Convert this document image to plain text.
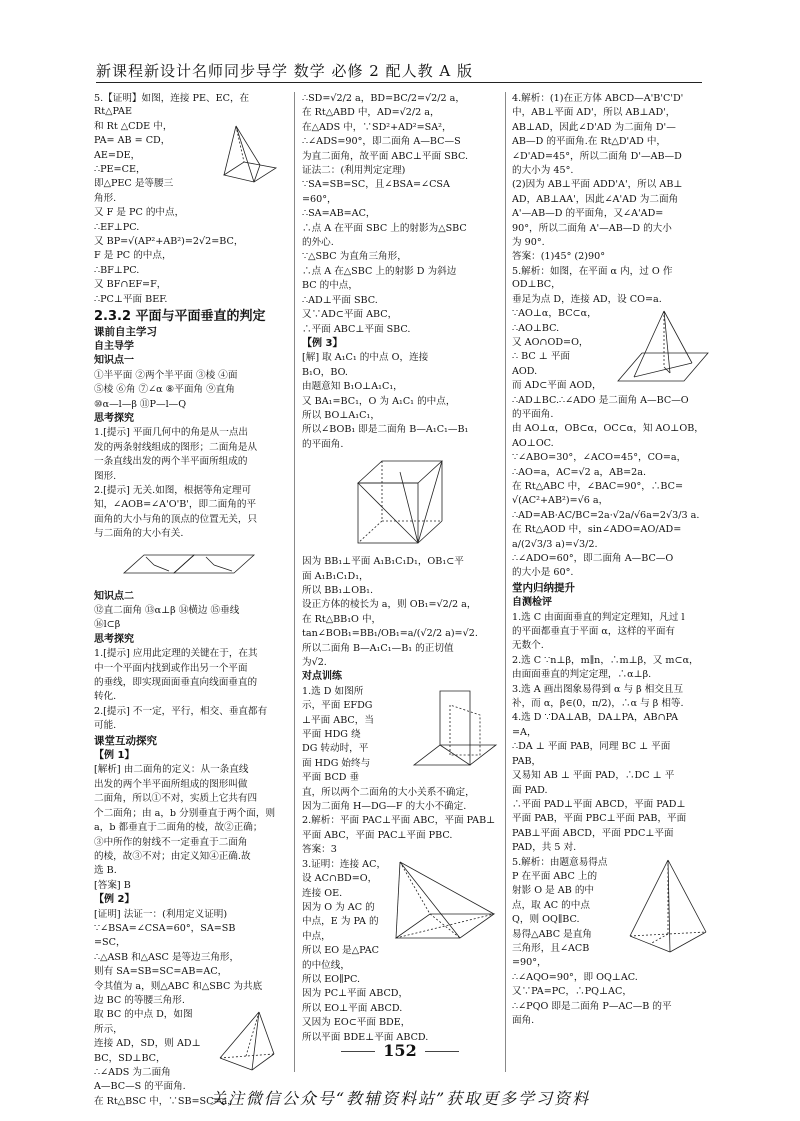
新课程新设计名师同步导学 数学 必修 2 配人教 A 版

5.【证明】如图，连接 PE、EC，在Rt△PAE

和 Rt △CDE 中，

PA= AB = CD，

AE=DE，

∴PE=CE，

即△PEC 是等腰三

角形.

又 F 是 PC 的中点，

∴EF⊥PC.

又 BP=√(AP²+AB²)=2√2=BC，

F 是 PC 的中点，

∴BF⊥PC.

又 BF∩EF=F，

∴PC⊥平面 BEF.

2.3.2 平面与平面垂直的判定
课前自主学习
自主导学
知识点一

①半平面 ②两个半平面 ③棱 ④面

⑤棱 ⑥角 ⑦∠α ⑧平面角 ⑨直角

⑩α—l—β ⑪P—l—Q

思考探究

1.[提示] 平面几何中的角是从一点出

发的两条射线组成的图形；二面角是从

一条直线出发的两个半平面所组成的

图形.

2.[提示] 无关.如图，根据等角定理可

知，∠AOB=∠A'O'B'，即二面角的平

面角的大小与角的顶点的位置无关，只

与二面角的大小有关.

知识点二

⑫直二面角 ⑬α⊥β ⑭横边 ⑮垂线

⑯l⊂β

思考探究

1.[提示] 应用此定理的关键在于，在其

中一个平面内找到或作出另一个平面

的垂线，即实现面面垂直向线面垂直的

转化.

2.[提示] 不一定，平行，相交、垂直都有

可能.

课堂互动探究
【例 1】

[解析] 由二面角的定义：从一条直线

出发的两个半平面所组成的图形叫做

二面角，所以①不对，实质上它共有四

个二面角；由 a，b 分别垂直于两个面，则

a，b 都垂直于二面角的棱，故②正确；

③中所作的射线不一定垂直于二面角

的棱，故③不对；由定义知④正确.故

选 B.

[答案] B

【例 2】

[证明] 法证一：(利用定义证明)

∵∠BSA=∠CSA=60°，SA=SB

=SC，

∴△ASB 和△ASC 是等边三角形，

则有 SA=SB=SC=AB=AC，

令其值为 a，则△ABC 和△SBC 为共底

边 BC 的等腰三角形.

取 BC 的中点 D，如图

所示，

连接 AD，SD，则 AD⊥

BC，SD⊥BC，

∴∠ADS 为二面角

A—BC—S 的平面角.

在 Rt△BSC 中，∵SB=SC=a，

∴SD=√2/2 a，BD=BC/2=√2/2 a，

在 Rt△ABD 中，AD=√2/2 a，

在△ADS 中，∵SD²+AD²=SA²，

∴∠ADS=90°，即二面角 A—BC—S

为直二面角，故平面 ABC⊥平面 SBC.

证法二：(利用判定定理)

∵SA=SB=SC，且∠BSA=∠CSA

=60°，

∴SA=AB=AC，

∴点 A 在平面 SBC 上的射影为△SBC

的外心.

∵△SBC 为直角三角形，

∴点 A 在△SBC 上的射影 D 为斜边

BC 的中点，

∴AD⊥平面 SBC.

又∵AD⊂平面 ABC，

∴平面 ABC⊥平面 SBC.

【例 3】

[解] 取 A₁C₁ 的中点 O，连接

B₁O，BO.

由题意知 B₁O⊥A₁C₁，

又 BA₁=BC₁，O 为 A₁C₁ 的中点，

所以 BO⊥A₁C₁，

所以∠BOB₁ 即是二面角 B—A₁C₁—B₁

的平面角.

因为 BB₁⊥平面 A₁B₁C₁D₁，OB₁⊂平

面 A₁B₁C₁D₁，

所以 BB₁⊥OB₁.

设正方体的棱长为 a，则 OB₁=√2/2 a，

在 Rt△BB₁O 中，

tan∠BOB₁=BB₁/OB₁=a/(√2/2 a)=√2.

所以二面角 B—A₁C₁—B₁ 的正切值

为√2.

对点训练

1.选 D 如图所

示，平面 EFDG

⊥平面 ABC，当

平面 HDG 绕

DG 转动时，平

面 HDG 始终与

平面 BCD 垂

直，所以两个二面角的大小关系不确定，

因为二面角 H—DG—F 的大小不确定.

2.解析：平面 PAC⊥平面 ABC，平面 PAB⊥

平面 ABC，平面 PAC⊥平面 PBC.

答案：3

3.证明：连接 AC，

设 AC∩BD=O，

连接 OE.

因为 O 为 AC 的

中点，E 为 PA 的

中点，

所以 EO 是△PAC

的中位线，

所以 EO∥PC.

因为 PC⊥平面 ABCD，

所以 EO⊥平面 ABCD.

又因为 EO⊂平面 BDE，

所以平面 BDE⊥平面 ABCD.

4.解析：(1)在正方体 ABCD—A'B'C'D'

中，AB⊥平面 AD'，所以 AB⊥AD'，

AB⊥AD，因此∠D'AD 为二面角 D'—

AB—D 的平面角.在 Rt△D'AD 中，

∠D'AD=45°，所以二面角 D'—AB—D

的大小为 45°.

(2)因为 AB⊥平面 ADD'A'，所以 AB⊥

AD，AB⊥AA'，因此∠A'AD 为二面角

A'—AB—D 的平面角，又∠A'AD=

90°，所以二面角 A'—AB—D 的大小

为 90°.

答案：(1)45° (2)90°

5.解析：如图，在平面 α 内，过 O 作 OD⊥BC，

垂足为点 D，连接 AD，设 CO=a.

∵AO⊥α，BC⊂α，

∴AO⊥BC.

又 AO∩OD=O，

∴ BC ⊥ 平面

AOD.

而 AD⊂平面 AOD，

∴AD⊥BC.∴∠ADO 是二面角 A—BC—O

的平面角.

由 AO⊥α，OB⊂α，OC⊂α，知 AO⊥OB，

AO⊥OC.

∵∠ABO=30°，∠ACO=45°，CO=a，

∴AO=a，AC=√2 a，AB=2a.

在 Rt△ABC 中，∠BAC=90°，∴BC=

√(AC²+AB²)=√6 a，

∴AD=AB·AC/BC=2a·√2a/√6a=2√3/3 a.

在 Rt△AOD 中，sin∠ADO=AO/AD=

a/(2√3/3 a)=√3/2.

∴∠ADO=60°，即二面角 A—BC—O

的大小是 60°.

堂内归纳提升
自测检评

1.选 C 由面面垂直的判定定理知，凡过 l

的平面都垂直于平面 α，这样的平面有

无数个.

2.选 C ∵n⊥β，m∥n，∴m⊥β，又 m⊂α，

由面面垂直的判定定理，∴α⊥β.

3.选 A 画出图象易得到 α 与 β 相交且互

补，而 α，β∈(0，π/2)，∴α 与 β 相等.

4.选 D ∵DA⊥AB，DA⊥PA，AB∩PA

=A，

∴DA ⊥ 平面 PAB，同理 BC ⊥ 平面

PAB，

又易知 AB ⊥ 平面 PAD，∴DC ⊥ 平

面 PAD.

∴平面 PAD⊥平面 ABCD，平面 PAD⊥

平面 PAB，平面 PBC⊥平面 PAB，平面

PAB⊥平面 ABCD，平面 PDC⊥平面

PAD，共 5 对.

5.解析：由题意易得点

P 在平面 ABC 上的

射影 O 是 AB 的中

点，取 AC 的中点

Q，则 OQ∥BC.

易得△ABC 是直角

三角形，且∠ACB

=90°，

∴∠AQO=90°，即 OQ⊥AC.

又∵PA=PC，∴PQ⊥AC，

∴∠PQO 即是二面角 P—AC—B 的平

面角.

152
关注微信公众号“教辅资料站”获取更多学习资料
